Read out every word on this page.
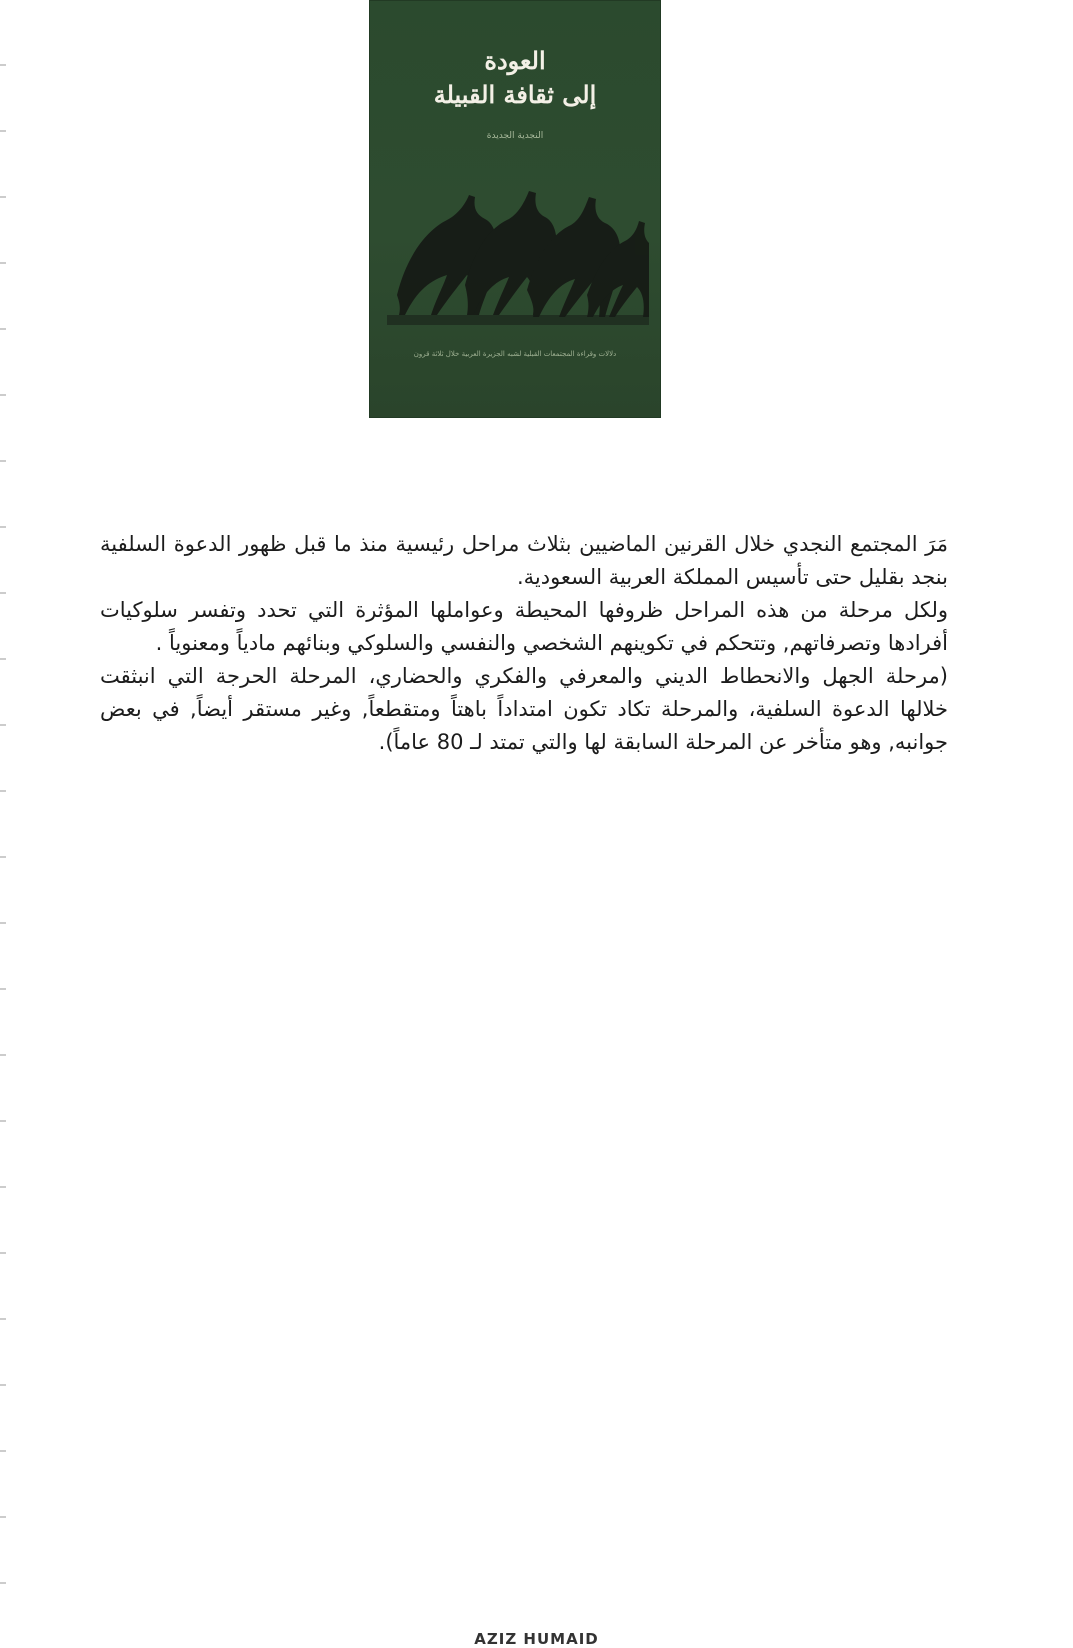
العودة
إلى ثقافة القبيلة
النجدية الجديدة
دلالات وقراءة المجتمعات القبلية لشبه الجزيرة العربية خلال ثلاثة قرون

مَرَ المجتمع النجدي خلال القرنين الماضيين بثلاث مراحل رئيسية منذ ما قبل ظهور الدعوة السلفية بنجد بقليل حتى تأسيس المملكة العربية السعودية.

ولكل مرحلة من هذه المراحل ظروفها المحيطة وعواملها المؤثرة التي تحدد وتفسر سلوكيات أفرادها وتصرفاتهم, وتتحكم في تكوينهم الشخصي والنفسي والسلوكي وبنائهم مادياً ومعنوياً .

(مرحلة الجهل والانحطاط الديني والمعرفي والفكري والحضاري، المرحلة الحرجة التي انبثقت خلالها الدعوة السلفية، والمرحلة تكاد تكون امتداداً باهتاً ومتقطعاً, وغير مستقر أيضاً, في بعض جوانبه, وهو متأخر عن المرحلة السابقة لها والتي تمتد لـ 80 عاماً).

AZIZ HUMAID
